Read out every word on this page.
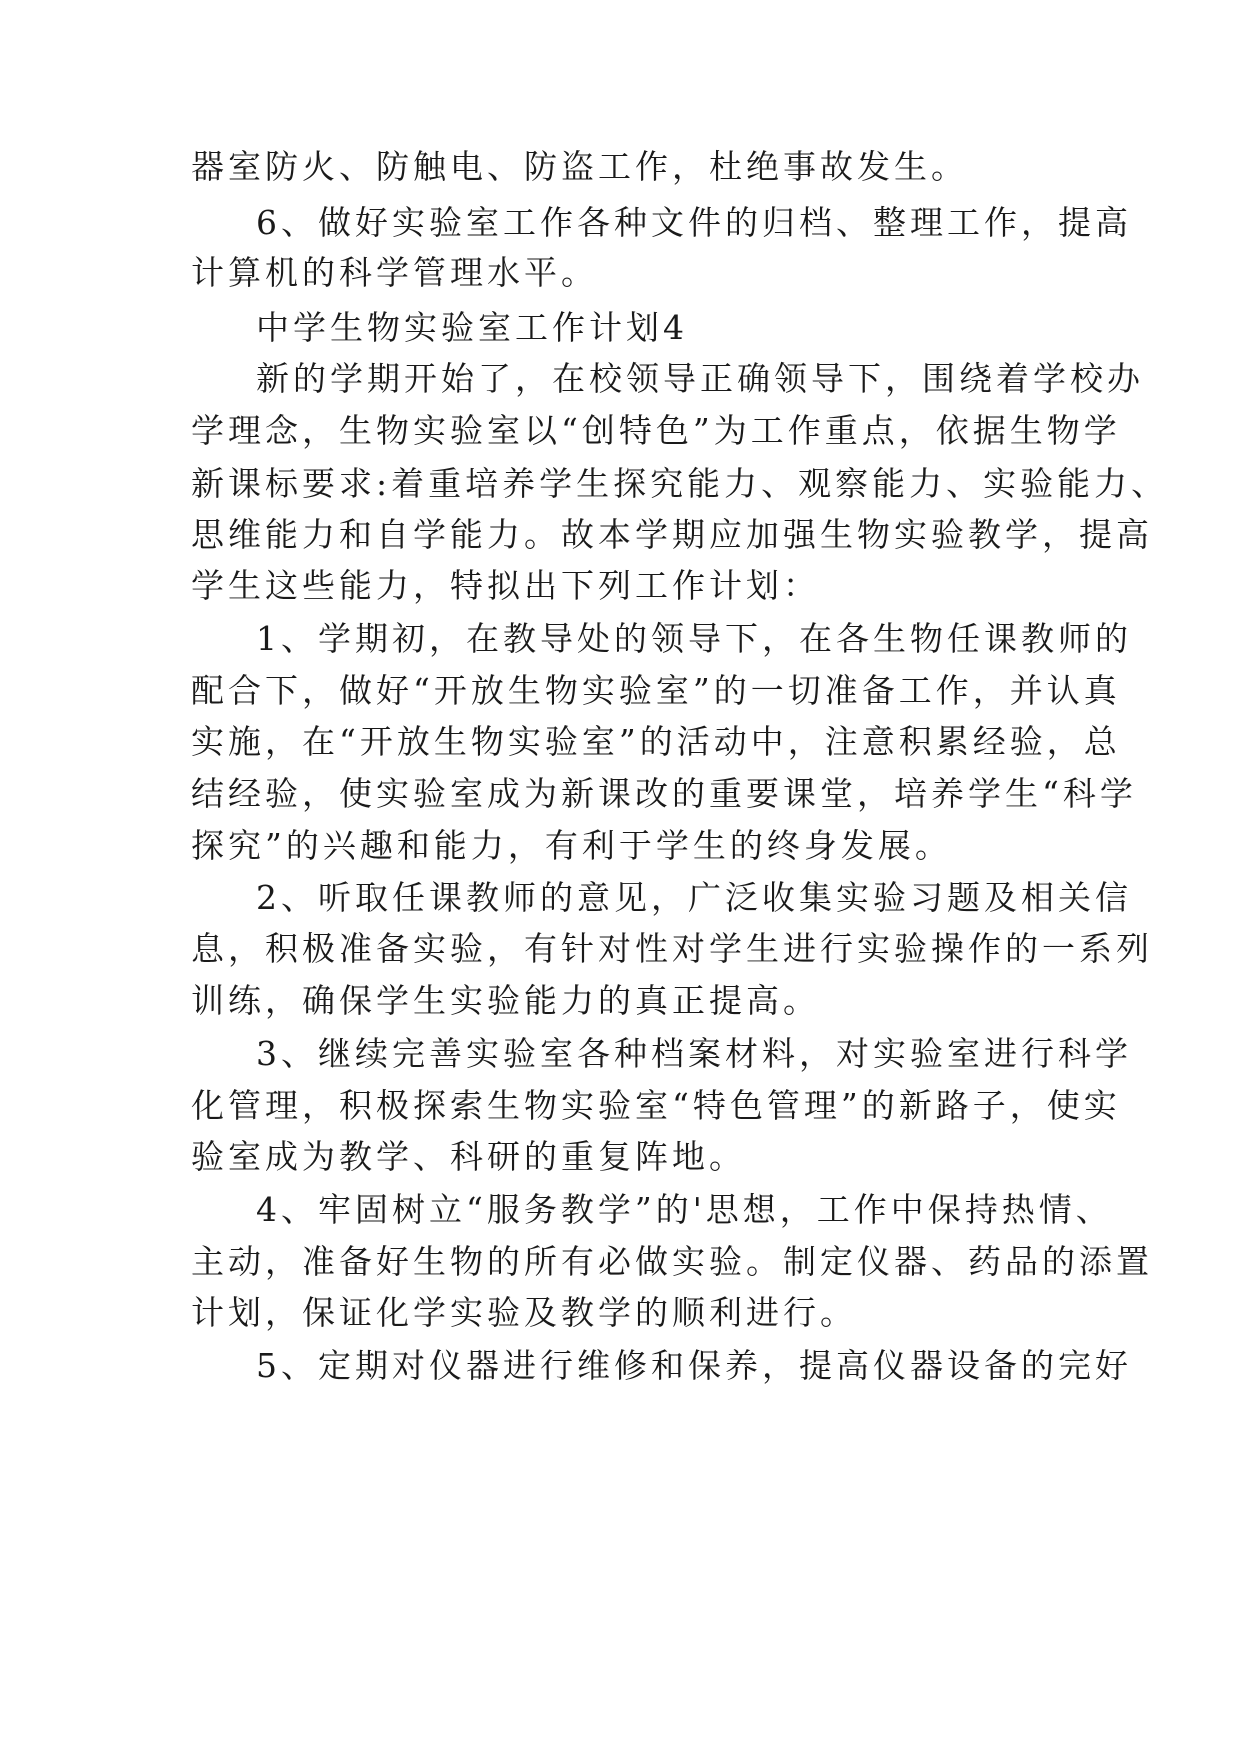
器室防火、防触电、防盗工作，杜绝事故发生。
6、做好实验室工作各种文件的归档、整理工作，提高
计算机的科学管理水平。
中学生物实验室工作计划4
新的学期开始了，在校领导正确领导下，围绕着学校办
学理念，生物实验室以“创特色”为工作重点，依据生物学
新课标要求:着重培养学生探究能力、观察能力、实验能力、
思维能力和自学能力。故本学期应加强生物实验教学，提高
学生这些能力，特拟出下列工作计划：
1、学期初，在教导处的领导下，在各生物任课教师的
配合下，做好“开放生物实验室”的一切准备工作，并认真
实施，在“开放生物实验室”的活动中，注意积累经验，总
结经验，使实验室成为新课改的重要课堂，培养学生“科学
探究”的兴趣和能力，有利于学生的终身发展。
2、听取任课教师的意见，广泛收集实验习题及相关信
息，积极准备实验，有针对性对学生进行实验操作的一系列
训练，确保学生实验能力的真正提高。
3、继续完善实验室各种档案材料，对实验室进行科学
化管理，积极探索生物实验室“特色管理”的新路子，使实
验室成为教学、科研的重复阵地。
4、牢固树立“服务教学”的'思想，工作中保持热情、
主动，准备好生物的所有必做实验。制定仪器、药品的添置
计划，保证化学实验及教学的顺利进行。
5、定期对仪器进行维修和保养，提高仪器设备的完好
